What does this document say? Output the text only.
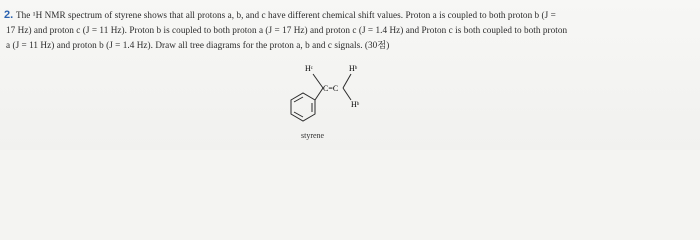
2. The ¹H NMR spectrum of styrene shows that all protons a, b, and c have different chemical shift values. Proton a is coupled to both proton b (J =
17 Hz) and proton c (J = 11 Hz). Proton b is coupled to both proton a (J = 17 Hz) and proton c (J = 1.4 Hz) and Proton c is both coupled to both proton
a (J = 11 Hz) and proton b (J = 1.4 Hz). Draw all tree diagrams for the proton a, b and c signals. (30점)
Hᶜ	Hᵇ
C=C
Hᵇ
styrene
